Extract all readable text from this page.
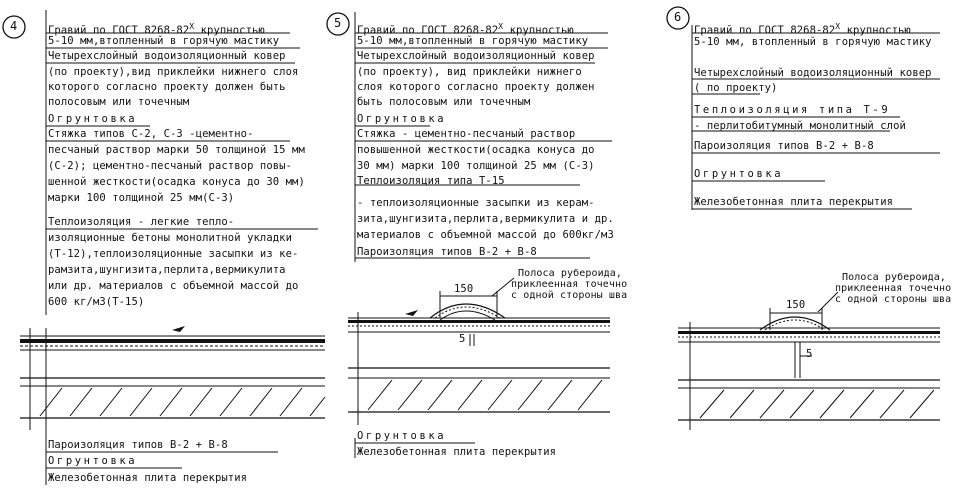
4	5	6
Гравий по ГОСТ $8268-82^X$ крупностью
5-10 мм,втопленный в горячую мастику
Четырехслойный водоизоляционный ковер
(по проекту),вид приклейки нижнего слоя
которого согласно проекту должен быть
полосовым или точечным
Огрунтовка
Стяжка типов С-2, С-3 -цементно-
песчаный раствор марки 50 толщиной 15 мм
(С-2); цементно-песчаный раствор повы-
шенной жесткости(осадка конуса до 30 мм)
марки 100 толщиной 25 мм(С-3)
Теплоизоляция - легкие тепло-
изоляционные бетоны монолитной укладки
(Т-12),теплоизоляционные засыпки из ке-
рамзита,шунгизита,перлита,вермикулита
или др. материалов с объемной массой до
600 кг/м3(Т-15)
Пароизоляция типов В-2 + В-8
Огрунтовка
Железобетонная плита перекрытия
Гравий по ГОСТ $8268-82^X$ крупностью
5-10 мм,втопленный в горячую мастику
Четырехслойный водоизоляционный ковер
(по проекту), вид приклейки нижнего
слоя которого согласно проекту должен
быть полосовым или точечным
Огрунтовка
Стяжка - цементно-песчаный раствор
повышенной жесткости(осадка конуса до
30 мм) марки 100 толщиной 25 мм (С-3)
Теплоизоляция типа Т-15
- теплоизоляционные засыпки из керам-
зита,шунгизита,перлита,вермикулита и др.
материалов с объемной массой до 600кг/м3
Пароизоляция типов В-2 + В-8
Полоса рубероида,
приклеенная точечно
с одной стороны шва
150
5
Огрунтовка
Железобетонная плита перекрытия
Гравий по ГОСТ $8268-82^X$ крупностью
5-10 мм, втопленный в горячую мастику
Четырехслойный водоизоляционный ковер
( по проекту)
Теплоизоляция типа Т-9
- перлитобитумный монолитный слой
Пароизоляция типов В-2 + В-8
Огрунтовка
Железобетонная плита перекрытия
Полоса рубероида,
приклеенная точечно
с одной стороны шва
150
5
